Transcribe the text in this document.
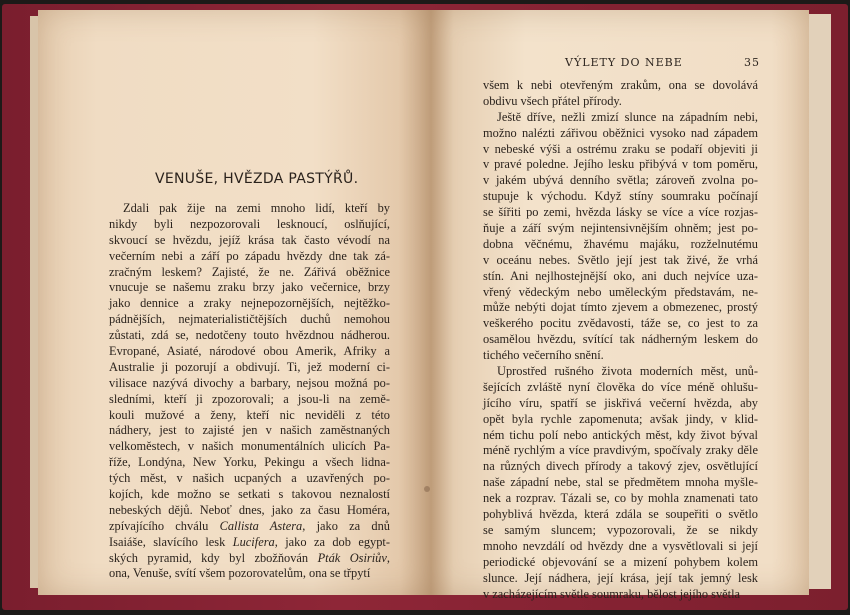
VÝLETY DO NEBE	35
VENUŠE, HVĚZDA PASTÝŘŮ.
Zdali pak žije na zemi mnoho lidí, kteří by
nikdy byli nezpozorovali lesknoucí, oslňující,
skvoucí se hvězdu, jejíž krása tak často vévodí na
večerním nebi a září po západu hvězdy dne tak zá-
zračným leskem? Zajisté, že ne. Zářivá oběžnice
vnucuje se našemu zraku brzy jako večernice, brzy
jako dennice a zraky nejnepozornějších, nejtěžko-
pádnějších, nejmaterialističtějších duchů nemohou
zůstati, zdá se, nedotčeny touto hvězdnou nádherou.
Evropané, Asiaté, národové obou Amerik, Afriky a
Australie ji pozorují a obdivují. Ti, jež moderní ci-
vilisace nazývá divochy a barbary, nejsou možná po-
sledními, kteří ji zpozorovali; a jsou-li na země-
kouli mužové a ženy, kteří nic neviděli z této
nádhery, jest to zajisté jen v našich zaměstnaných
velkoměstech, v našich monumentálních ulicích Pa-
říže, Londýna, New Yorku, Pekingu a všech lidna-
tých měst, v našich ucpaných a uzavřených po-
kojích, kde možno se setkati s takovou neznalostí
nebeských dějů. Neboť dnes, jako za času Homéra,
zpívajícího chválu Callista Astera, jako za dnů
Isaiáše, slavícího lesk Lucifera, jako za dob egypt-
ských pyramid, kdy byl zbožňován Pták Osiriův,
ona, Venuše, svítí všem pozorovatelům, ona se třpytí
všem k nebi otevřeným zrakům, ona se dovolává
obdivu všech přátel přírody.
Ještě dříve, nežli zmizí slunce na západním nebi,
možno nalézti zářivou oběžnici vysoko nad západem
v nebeské výši a ostrému zraku se podaří objeviti ji
v pravé poledne. Jejího lesku přibývá v tom poměru,
v jakém ubývá denního světla; zároveň zvolna po-
stupuje k východu. Když stíny soumraku počínají
se šířiti po zemi, hvězda lásky se více a více rozjas-
ňuje a září svým nejintensivnějším ohněm; jest po-
dobna věčnému, žhavému majáku, rozželnutému
v oceánu nebes. Světlo její jest tak živé, že vrhá
stín. Ani nejlhostejnější oko, ani duch nejvíce uza-
vřený vědeckým nebo uměleckým představám, ne-
může nebýti dojat tímto zjevem a obmezenec, prostý
veškerého pocitu zvědavosti, táže se, co jest to za
osamělou hvězdu, svítící tak nádherným leskem do
tichého večerního snění.
Uprostřed rušného života moderních měst, unů-
šejících zvláště nyní člověka do více méně ohlušu-
jícího víru, spatří se jiskřivá večerní hvězda, aby
opět byla rychle zapomenuta; avšak jindy, v klid-
ném tichu polí nebo antických měst, kdy život býval
méně rychlým a více pravdivým, spočívaly zraky děle
na různých divech přírody a takový zjev, osvětlující
naše západní nebe, stal se předmětem mnoha myšle-
nek a rozprav. Tázali se, co by mohla znamenati tato
pohyblivá hvězda, která zdála se soupeřiti o světlo
se samým sluncem; vypozorovali, že se nikdy
mnoho nevzdálí od hvězdy dne a vysvětlovali si její
periodické objevování se a mizení pohybem kolem
slunce. Její nádhera, její krása, její tak jemný lesk
v zacházejícím světle soumraku, bělost jejího světla
